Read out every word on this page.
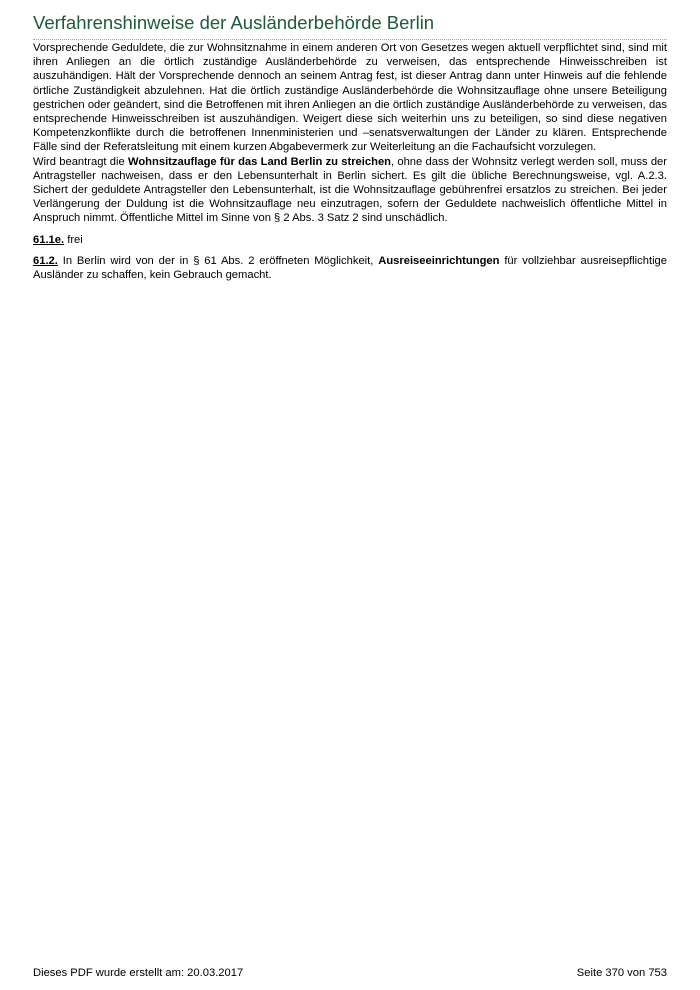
Verfahrenshinweise der Ausländerbehörde Berlin

Vorsprechende Geduldete, die zur Wohnsitznahme in einem anderen Ort von Gesetzes wegen aktuell verpflichtet sind, sind mit ihren Anliegen an die örtlich zuständige Ausländerbehörde zu verweisen, das entsprechende Hinweisschreiben ist auszuhändigen. Hält der Vorsprechende dennoch an seinem Antrag fest, ist dieser Antrag dann unter Hinweis auf die fehlende örtliche Zuständigkeit abzulehnen. Hat die örtlich zuständige Ausländerbehörde die Wohnsitzauflage ohne unsere Beteiligung gestrichen oder geändert, sind die Betroffenen mit ihren Anliegen an die örtlich zuständige Ausländerbehörde zu verweisen, das entsprechende Hinweisschreiben ist auszuhändigen. Weigert diese sich weiterhin uns zu beteiligen, so sind diese negativen Kompetenzkonflikte durch die betroffenen Innenministerien und –senatsverwaltungen der Länder zu klären. Entsprechende Fälle sind der Referatsleitung mit einem kurzen Abgabevermerk zur Weiterleitung an die Fachaufsicht vorzulegen.

Wird beantragt die Wohnsitzauflage für das Land Berlin zu streichen, ohne dass der Wohnsitz verlegt werden soll, muss der Antragsteller nachweisen, dass er den Lebensunterhalt in Berlin sichert. Es gilt die übliche Berechnungsweise, vgl. A.2.3. Sichert der geduldete Antragsteller den Lebensunterhalt, ist die Wohnsitzauflage gebührenfrei ersatzlos zu streichen. Bei jeder Verlängerung der Duldung ist die Wohnsitzauflage neu einzutragen, sofern der Geduldete nachweislich öffentliche Mittel in Anspruch nimmt. Öffentliche Mittel im Sinne von § 2 Abs. 3 Satz 2 sind unschädlich.

61.1e. frei

61.2. In Berlin wird von der in § 61 Abs. 2 eröffneten Möglichkeit, Ausreiseeinrichtungen für vollziehbar ausreisepflichtige Ausländer zu schaffen, kein Gebrauch gemacht.

Dieses PDF wurde erstellt am: 20.03.2017	Seite 370 von 753
